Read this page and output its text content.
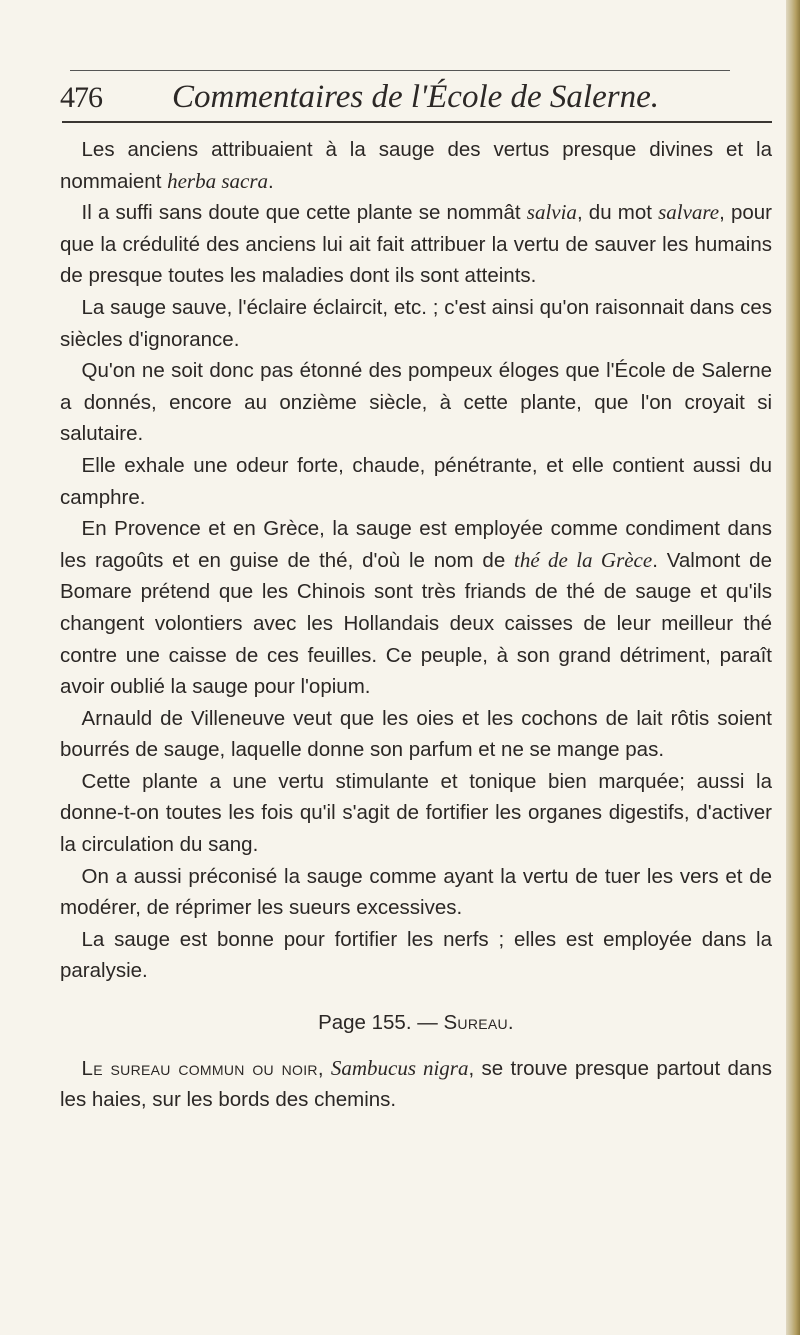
476 Commentaires de l'École de Salerne.

Les anciens attribuaient à la sauge des vertus presque divines et la nommaient herba sacra.

Il a suffi sans doute que cette plante se nommât salvia, du mot salvare, pour que la crédulité des anciens lui ait fait attribuer la vertu de sauver les humains de presque toutes les maladies dont ils sont atteints.

La sauge sauve, l'éclaire éclaircit, etc. ; c'est ainsi qu'on raisonnait dans ces siècles d'ignorance.

Qu'on ne soit donc pas étonné des pompeux éloges que l'École de Salerne a donnés, encore au onzième siècle, à cette plante, que l'on croyait si salutaire.

Elle exhale une odeur forte, chaude, pénétrante, et elle contient aussi du camphre.

En Provence et en Grèce, la sauge est employée comme condiment dans les ragoûts et en guise de thé, d'où le nom de thé de la Grèce. Valmont de Bomare prétend que les Chinois sont très friands de thé de sauge et qu'ils changent volontiers avec les Hollandais deux caisses de leur meilleur thé contre une caisse de ces feuilles. Ce peuple, à son grand détriment, paraît avoir oublié la sauge pour l'opium.

Arnauld de Villeneuve veut que les oies et les cochons de lait rôtis soient bourrés de sauge, laquelle donne son parfum et ne se mange pas.

Cette plante a une vertu stimulante et tonique bien marquée; aussi la donne-t-on toutes les fois qu'il s'agit de fortifier les organes digestifs, d'activer la circulation du sang.

On a aussi préconisé la sauge comme ayant la vertu de tuer les vers et de modérer, de réprimer les sueurs excessives.

La sauge est bonne pour fortifier les nerfs ; elles est employée dans la paralysie.

Page 155. — Sureau.

Le sureau commun ou noir, Sambucus nigra, se trouve presque partout dans les haies, sur les bords des chemins.
